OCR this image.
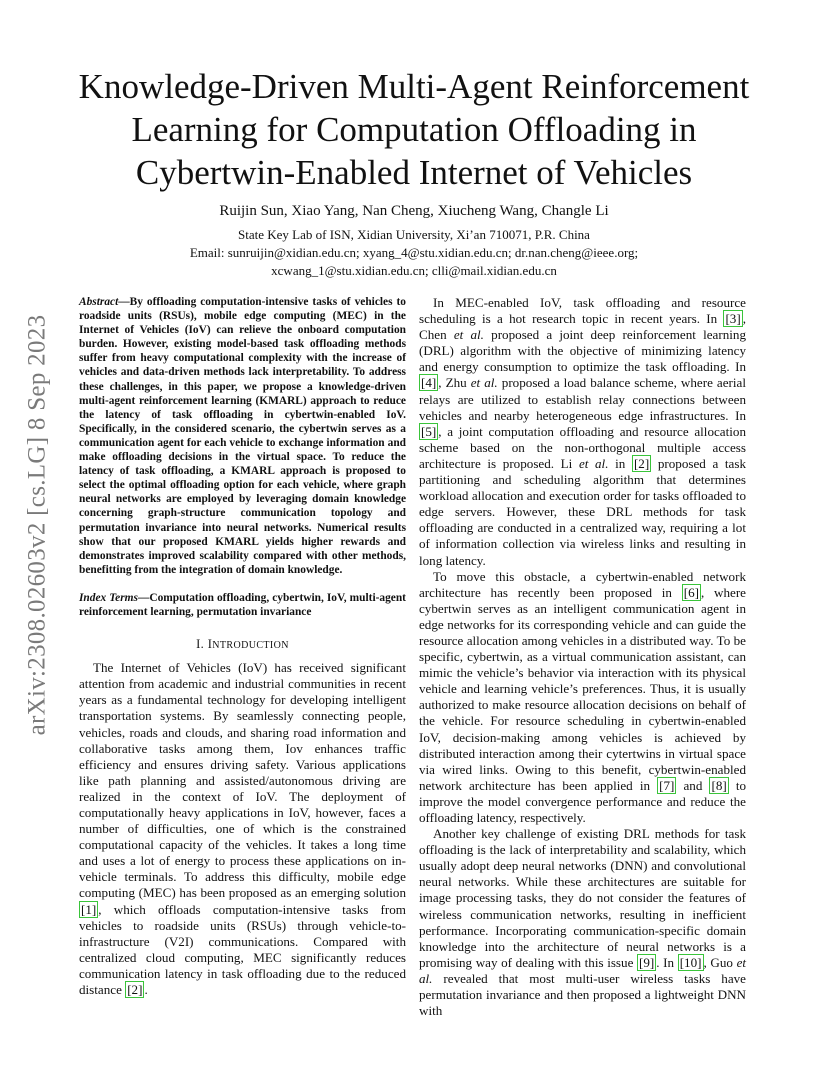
arXiv:2308.02603v2 [cs.LG] 8 Sep 2023
Knowledge-Driven Multi-Agent Reinforcement Learning for Computation Offloading in Cybertwin-Enabled Internet of Vehicles
Ruijin Sun, Xiao Yang, Nan Cheng, Xiucheng Wang, Changle Li
State Key Lab of ISN, Xidian University, Xi’an 710071, P.R. China
Email: sunruijin@xidian.edu.cn; xyang_4@stu.xidian.edu.cn; dr.nan.cheng@ieee.org;
xcwang_1@stu.xidian.edu.cn; clli@mail.xidian.edu.cn

Abstract—By offloading computation-intensive tasks of vehicles to roadside units (RSUs), mobile edge computing (MEC) in the Internet of Vehicles (IoV) can relieve the onboard computation burden. However, existing model-based task offloading methods suffer from heavy computational complexity with the increase of vehicles and data-driven methods lack interpretability. To address these challenges, in this paper, we propose a knowledge-driven multi-agent reinforcement learning (KMARL) approach to reduce the latency of task offloading in cybertwin-enabled IoV. Specifically, in the considered scenario, the cybertwin serves as a communication agent for each vehicle to exchange information and make offloading decisions in the virtual space. To reduce the latency of task offloading, a KMARL approach is proposed to select the optimal offloading option for each vehicle, where graph neural networks are employed by leveraging domain knowledge concerning graph-structure communication topology and permutation invariance into neural networks. Numerical results show that our proposed KMARL yields higher rewards and demonstrates improved scalability compared with other methods, benefitting from the integration of domain knowledge.

Index Terms—Computation offloading, cybertwin, IoV, multi-agent reinforcement learning, permutation invariance

I. INTRODUCTION

The Internet of Vehicles (IoV) has received significant attention from academic and industrial communities in recent years as a fundamental technology for developing intelligent transportation systems. By seamlessly connecting people, vehicles, roads and clouds, and sharing road information and collaborative tasks among them, Iov enhances traffic efficiency and ensures driving safety. Various applications like path planning and assisted/autonomous driving are realized in the context of IoV. The deployment of computationally heavy applications in IoV, however, faces a number of difficulties, one of which is the constrained computational capacity of the vehicles. It takes a long time and uses a lot of energy to process these applications on in-vehicle terminals. To address this difficulty, mobile edge computing (MEC) has been proposed as an emerging solution [1] , which offloads computation-intensive tasks from vehicles to roadside units (RSUs) through vehicle-to-infrastructure (V2I) communications. Compared with centralized cloud computing, MEC significantly reduces communication latency in task offloading due to the reduced distance [2] .

In MEC-enabled IoV, task offloading and resource scheduling is a hot research topic in recent years. In [3] , Chen et al. proposed a joint deep reinforcement learning (DRL) algorithm with the objective of minimizing latency and energy consumption to optimize the task offloading. In [4] , Zhu et al. proposed a load balance scheme, where aerial relays are utilized to establish relay connections between vehicles and nearby heterogeneous edge infrastructures. In [5] , a joint computation offloading and resource allocation scheme based on the non-orthogonal multiple access architecture is proposed. Li et al. in [2] proposed a task partitioning and scheduling algorithm that determines workload allocation and execution order for tasks offloaded to edge servers. However, these DRL methods for task offloading are conducted in a centralized way, requiring a lot of information collection via wireless links and resulting in long latency.

To move this obstacle, a cybertwin-enabled network architecture has recently been proposed in [6] , where cybertwin serves as an intelligent communication agent in edge networks for its corresponding vehicle and can guide the resource allocation among vehicles in a distributed way. To be specific, cybertwin, as a virtual communication assistant, can mimic the vehicle’s behavior via interaction with its physical vehicle and learning vehicle’s preferences. Thus, it is usually authorized to make resource allocation decisions on behalf of the vehicle. For resource scheduling in cybertwin-enabled IoV, decision-making among vehicles is achieved by distributed interaction among their cytertwins in virtual space via wired links. Owing to this benefit, cybertwin-enabled network architecture has been applied in [7] and [8] to improve the model convergence performance and reduce the offloading latency, respectively.

Another key challenge of existing DRL methods for task offloading is the lack of interpretability and scalability, which usually adopt deep neural networks (DNN) and convolutional neural networks. While these architectures are suitable for image processing tasks, they do not consider the features of wireless communication networks, resulting in inefficient performance. Incorporating communication-specific domain knowledge into the architecture of neural networks is a promising way of dealing with this issue [9] . In [10] , Guo et al. revealed that most multi-user wireless tasks have permutation invariance and then proposed a lightweight DNN with
